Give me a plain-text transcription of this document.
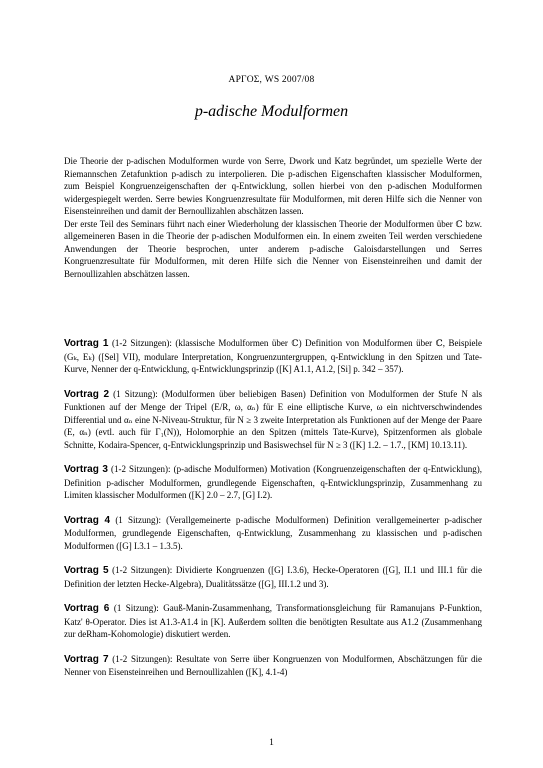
ΑΡΓΟΣ, WS 2007/08
p-adische Modulformen

Die Theorie der p-adischen Modulformen wurde von Serre, Dwork und Katz begründet, um spezielle Werte der Riemannschen Zetafunktion p-adisch zu interpolieren. Die p-adischen Eigenschaften klassischer Modulformen, zum Beispiel Kongruenzeigenschaften der q-Entwicklung, sollen hierbei von den p-adischen Modulformen widergespiegelt werden. Serre bewies Kongruenzresultate für Modulformen, mit deren Hilfe sich die Nenner von Eisensteinreihen und damit der Bernoullizahlen abschätzen lassen.

Der erste Teil des Seminars führt nach einer Wiederholung der klassischen Theorie der Modulformen über ℂ bzw. allgemeineren Basen in die Theorie der p-adischen Modulformen ein. In einem zweiten Teil werden verschiedene Anwendungen der Theorie besprochen, unter anderem p-adische Galoisdarstellungen und Serres Kongruenzresultate für Modulformen, mit deren Hilfe sich die Nenner von Eisensteinreihen und damit der Bernoullizahlen abschätzen lassen.

Vortrag 1 (1-2 Sitzungen): (klassische Modulformen über ℂ) Definition von Modulformen über ℂ, Beispiele (Gₖ, Eₖ) ([Sel] VII), modulare Interpretation, Kongruenzuntergruppen, q-Entwicklung in den Spitzen und Tate-Kurve, Nenner der q-Entwicklung, q-Entwicklungsprinzip ([K] A1.1, A1.2, [Si] p. 342 – 357).

Vortrag 2 (1 Sitzung): (Modulformen über beliebigen Basen) Definition von Modulformen der Stufe N als Funktionen auf der Menge der Tripel (E/R, ω, αₙ) für E eine elliptische Kurve, ω ein nichtverschwindendes Differential und αₙ eine N-Niveau-Struktur, für N ≥ 3 zweite Interpretation als Funktionen auf der Menge der Paare (E, αₙ) (evtl. auch für Γ₁(N)), Holomorphie an den Spitzen (mittels Tate-Kurve), Spitzenformen als globale Schnitte, Kodaira-Spencer, q-Entwicklungsprinzip und Basiswechsel für N ≥ 3 ([K] 1.2. – 1.7., [KM] 10.13.11).

Vortrag 3 (1-2 Sitzungen): (p-adische Modulformen) Motivation (Kongruenzeigenschaften der q-Entwicklung), Definition p-adischer Modulformen, grundlegende Eigenschaften, q-Entwicklungsprinzip, Zusammenhang zu Limiten klassischer Modulformen ([K] 2.0 – 2.7, [G] I.2).

Vortrag 4 (1 Sitzung): (Verallgemeinerte p-adische Modulformen) Definition verallgemeinerter p-adischer Modulformen, grundlegende Eigenschaften, q-Entwicklung, Zusammenhang zu klassischen und p-adischen Modulformen ([G] I.3.1 – 1.3.5).

Vortrag 5 (1-2 Sitzungen): Dividierte Kongruenzen ([G] I.3.6), Hecke-Operatoren ([G], II.1 und III.1 für die Definition der letzten Hecke-Algebra), Dualitätssätze ([G], III.1.2 und 3).

Vortrag 6 (1 Sitzung): Gauß-Manin-Zusammenhang, Transformationsgleichung für Ramanujans P-Funktion, Katz' θ-Operator. Dies ist A1.3-A1.4 in [K]. Außerdem sollten die benötigten Resultate aus A1.2 (Zusammenhang zur deRham-Kohomologie) diskutiert werden.

Vortrag 7 (1-2 Sitzungen): Resultate von Serre über Kongruenzen von Modulformen, Abschätzungen für die Nenner von Eisensteinreihen und Bernoullizahlen ([K], 4.1-4)

1
